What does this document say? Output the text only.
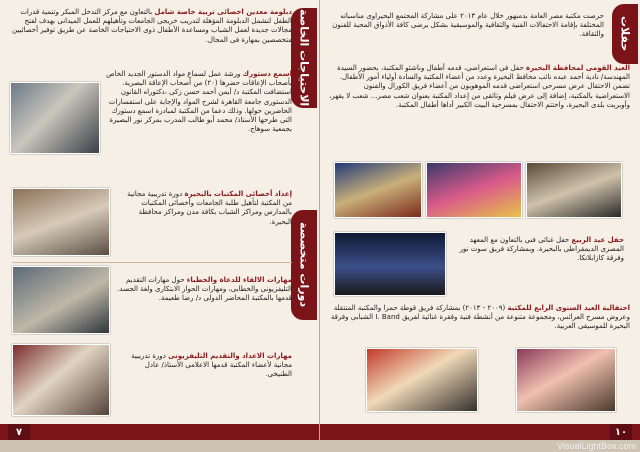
الاحتياجات الخاصة
دورات متخصصة
دبلومة معدين اخصائى تربية خاصة شامل بالتعاون مع مركز التدخل المبكر وتنمية قدرات الطفل لتشمل الدبلومة المؤهلة لتدريب خريجى الجامعات وتأهيلهم للعمل الميدانى بهدف لفتح مجالات جديدة لعمل الشباب ومساعدة الأطفال ذوى الاحتياجات الخاصة عن طريق توفير أخصائيين متخصصين بمهارة فى المجال.
اسمع دستورك ورشة عمل لسماع مواد الدستور الجديد الخاص بأصحاب الإعاقات حضرها (٢٠) من أصحاب الإعاقة البصرية. استضافت المكتبة د/ أيمن أحمد حسن زكى ،دكتوراه القانون الدستورى جامعة القاهرة لشرح المواد والإجابة على استفسارات الحاضرين حولها. وذلك دعما من المكتبة لمبادرة اسمع دستورك التى طرحها الأستاذ/ محمد أبو طالب المدرب بمركز نور البصيرة بجمعية سوهاج.
إعداد أخصائى المكتبات بالبحيرة دورة تدريبية مجانية من المكتبة لتأهيل طلبة الجامعات وأخصائى المكتبات بالمدارس ومراكز الشباب بكافة مدن ومراكز محافظة البحيرة.
مهارات الالقاء للدعاة والخطباء حول مهارات التقديم التليفزيونى والخطابى، ومهارات الحوار الابتكارى ولغة الجسد. قدمها بالمكتبة المحاضر الدولى د/ رضا طعيمة.
مهارات الاعداد والتقديم التليفزيونى دورة تدريبية مجانية لأعضاء المكتبة قدمها الاعلامى الأستاذ/ عادل الطنيخى.
٧
حفلات
حرصت مكتبة مصر العامة بدمنهور خلال عام ٢٠١٣ على مشاركة المجتمع البحيراوى مناسباته المختلفة بإقامة الاحتفالات الفنية والثقافية والموسيقية بشكل يرضى كافة الأذواق المحبة للفنون والثقافة.
العيد القومى لمحافظة البحيرة حفل فى استعراضى، قدمه أطفال وناشئو المكتبة، بحضور السيدة المهندسة/ نادية أحمد عبده نائب محافظ البحيرة وعدد من أعضاء المكتبة والسادة أولياء أمور الأطفال. تضمن الاحتفال عرض مسرحى استعراضى قدمه الموهوبون من أعضاء فريق الكورال والفنون الاستعراضية بالمكتبة، إضافة إلى عرض فيلم وثائقى من إعداد المكتبة بعنوان شعب مصر... شعب لا يقهر، وأوبريت بلدى البحيرة، واختتم الاحتفال بمسرحية البيت الكبير أداها أطفال المكتبة.
حفل عيد الربيع حفل غنائى فنى بالتعاون مع المعهد المصرى الديمقراطى بالبحيرة. وبمشاركة فريق سوت نور وفرقة كازابلانكا.
احتفالية العيد السنوى الرابع للمكتبة (٢٠٠٩ - ٢٠١٣) بمشاركة فريق قوطة حمرا والمكتبة المتنقلة وعروض مسرح العرائس، ومجموعة متنوعة من أنشطة فنية وفقرة غنائية لفريق I. Band الشبابى وفرقة البحيرة للموسيقى العربية.
١٠
VisualLightBox.com
